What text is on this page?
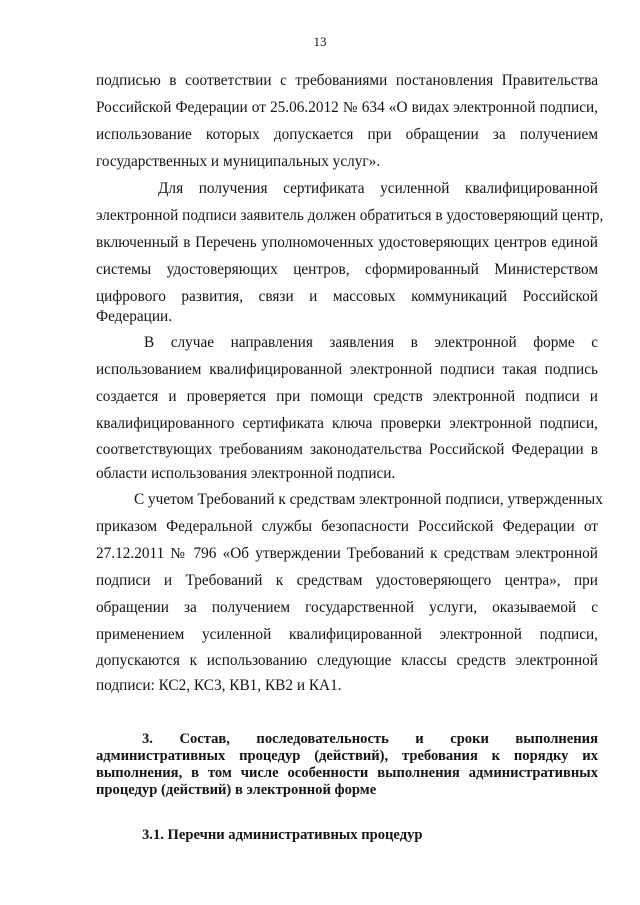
13
подписью в соответствии с требованиями постановления Правительства
Российской Федерации от 25.06.2012 № 634 «О видах электронной подписи,
использование которых допускается при обращении за получением
государственных и муниципальных услуг».
Для получения сертификата усиленной квалифицированной
электронной подписи заявитель должен обратиться в удостоверяющий центр,
включенный в Перечень уполномоченных удостоверяющих центров единой
системы удостоверяющих центров, сформированный Министерством
цифрового развития, связи и массовых коммуникаций Российской
Федерации.
В случае направления заявления в электронной форме с
использованием квалифицированной электронной подписи такая подпись
создается и проверяется при помощи средств электронной подписи и
квалифицированного сертификата ключа проверки электронной подписи,
соответствующих требованиям законодательства Российской Федерации в
области использования электронной подписи.
С учетом Требований к средствам электронной подписи, утвержденных
приказом Федеральной службы безопасности Российской Федерации от
27.12.2011 № 796 «Об утверждении Требований к средствам электронной
подписи и Требований к средствам удостоверяющего центра», при
обращении за получением государственной услуги, оказываемой с
применением усиленной квалифицированной электронной подписи,
допускаются к использованию следующие классы средств электронной
подписи: КС2, КС3, КВ1, КВ2 и КА1.
3. Состав, последовательность и сроки выполнения
административных процедур (действий), требования к порядку их
выполнения, в том числе особенности выполнения административных
процедур (действий) в электронной форме
3.1. Перечни административных процедур
